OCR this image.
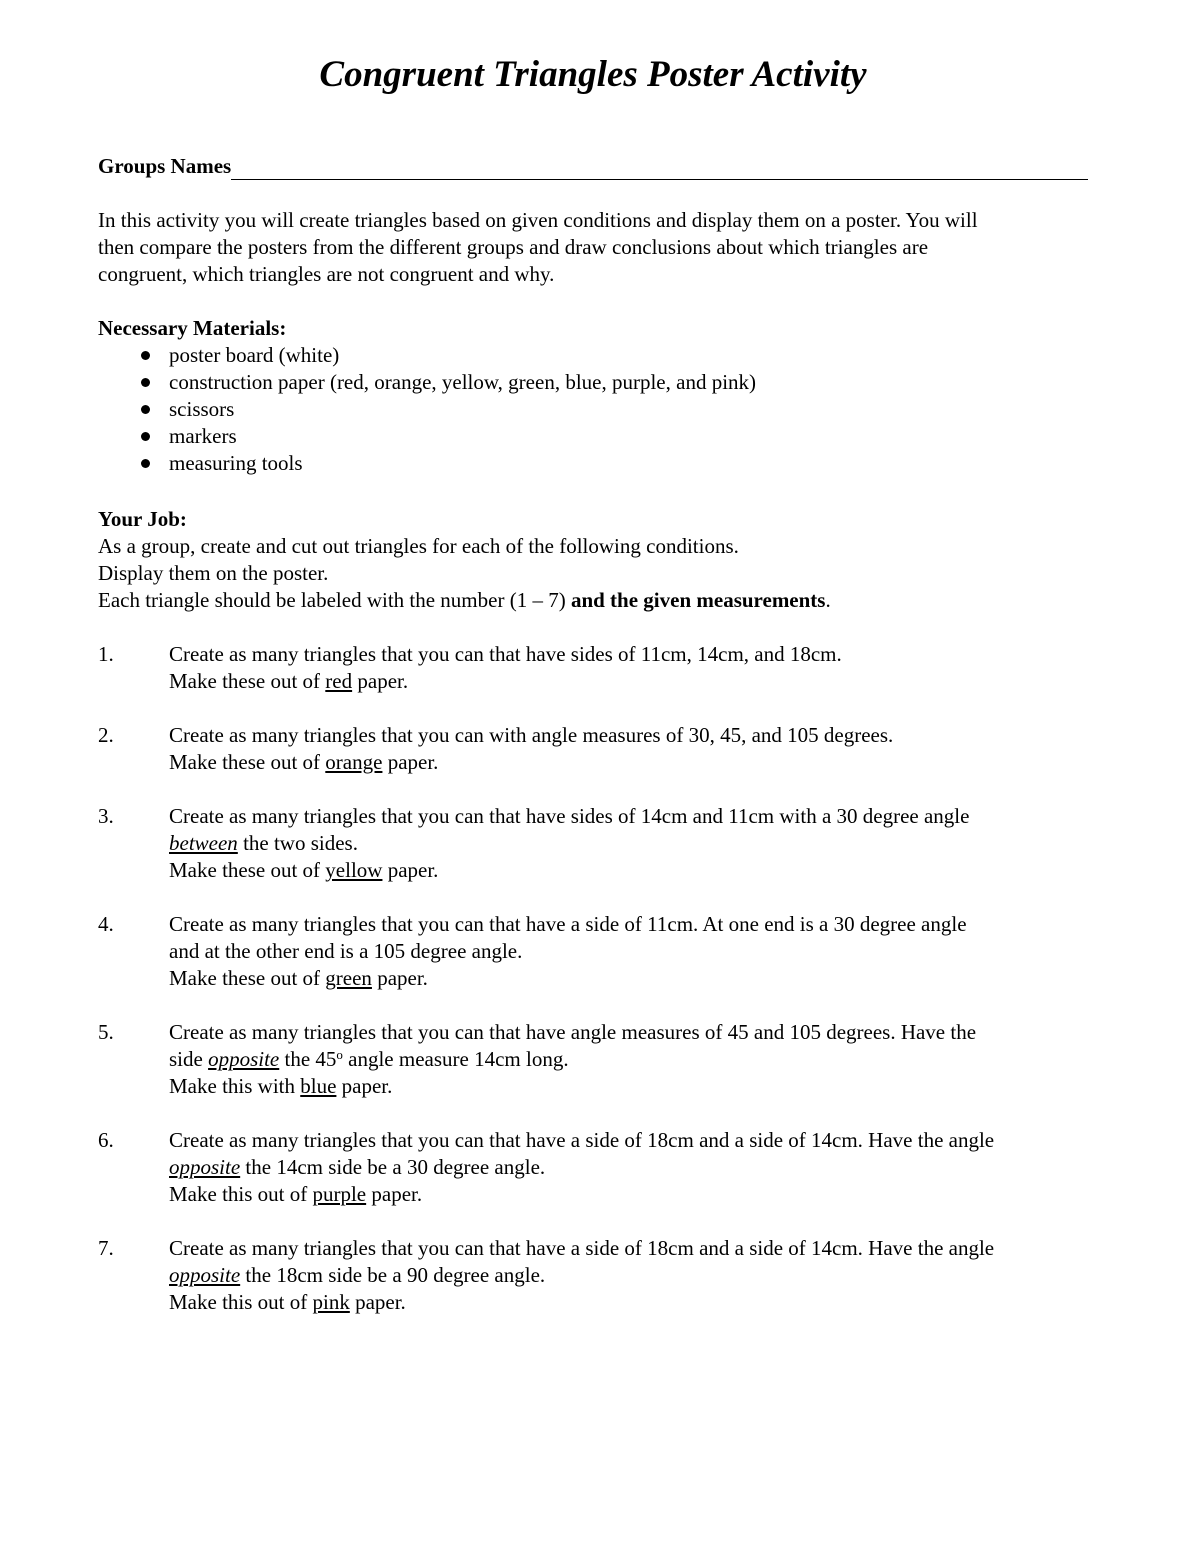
Congruent Triangles Poster Activity
Groups Names
In this activity you will create triangles based on given conditions and display them on a poster. You will
then compare the posters from the different groups and draw conclusions about which triangles are
congruent, which triangles are not congruent and why.
Necessary Materials:
poster board (white)
construction paper (red, orange, yellow, green, blue, purple, and pink)
scissors
markers
measuring tools
Your Job:
As a group, create and cut out triangles for each of the following conditions.
Display them on the poster.
Each triangle should be labeled with the number (1 – 7) and the given measurements.
1.	Create as many triangles that you can that have sides of 11cm, 14cm, and 18cm.
Make these out of red paper.
2.	Create as many triangles that you can with angle measures of 30, 45, and 105 degrees.
Make these out of orange paper.
3.	Create as many triangles that you can that have sides of 14cm and 11cm with a 30 degree angle
between the two sides.
Make these out of yellow paper.
4.	Create as many triangles that you can that have a side of 11cm. At one end is a 30 degree angle
and at the other end is a 105 degree angle.
Make these out of green paper.
5.	Create as many triangles that you can that have angle measures of 45 and 105 degrees. Have the
side opposite the 45$^o$ angle measure 14cm long.
Make this with blue paper.
6.	Create as many triangles that you can that have a side of 18cm and a side of 14cm. Have the angle
opposite the 14cm side be a 30 degree angle.
Make this out of purple paper.
7.	Create as many triangles that you can that have a side of 18cm and a side of 14cm. Have the angle
opposite the 18cm side be a 90 degree angle.
Make this out of pink paper.
